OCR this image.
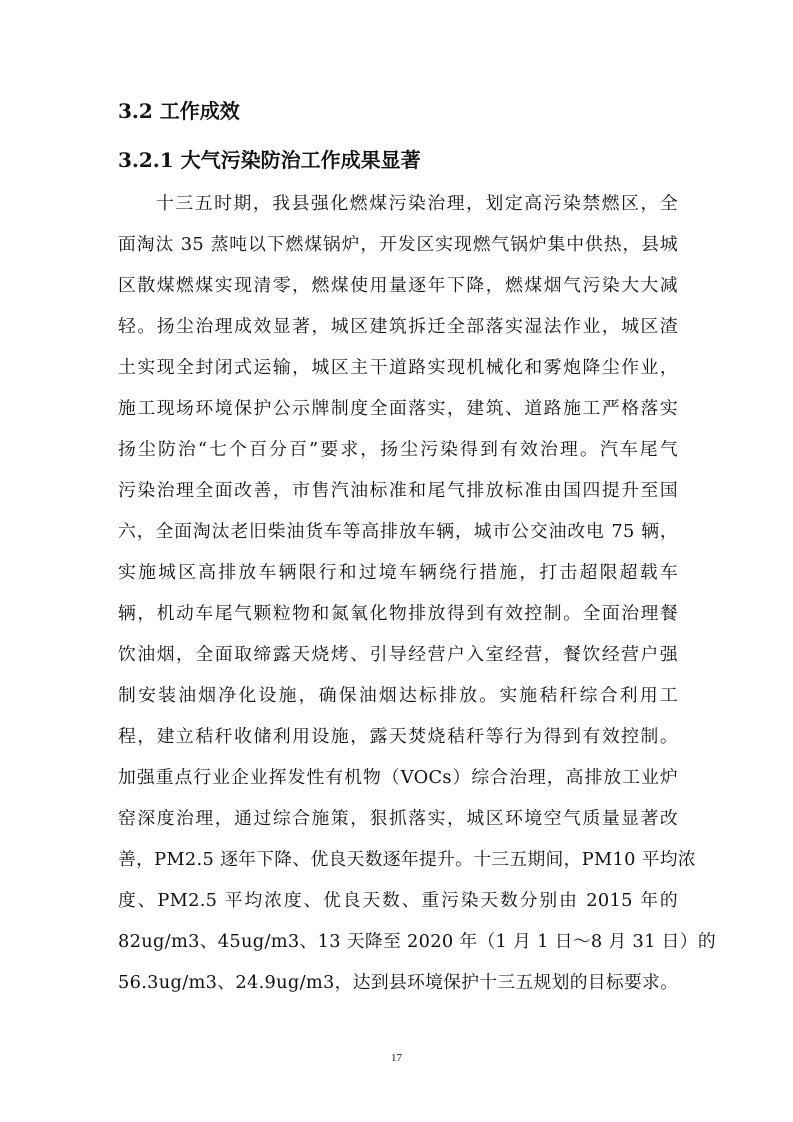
3.2 工作成效
3.2.1 大气污染防治工作成果显著
十三五时期，我县强化燃煤污染治理，划定高污染禁燃区，全
面淘汰 35 蒸吨以下燃煤锅炉，开发区实现燃气锅炉集中供热，县城
区散煤燃煤实现清零，燃煤使用量逐年下降，燃煤烟气污染大大减
轻。扬尘治理成效显著，城区建筑拆迁全部落实湿法作业，城区渣
土实现全封闭式运输，城区主干道路实现机械化和雾炮降尘作业，
施工现场环境保护公示牌制度全面落实，建筑、道路施工严格落实
扬尘防治“七个百分百”要求，扬尘污染得到有效治理。汽车尾气
污染治理全面改善，市售汽油标准和尾气排放标准由国四提升至国
六，全面淘汰老旧柴油货车等高排放车辆，城市公交油改电 75 辆，
实施城区高排放车辆限行和过境车辆绕行措施，打击超限超载车
辆，机动车尾气颗粒物和氮氧化物排放得到有效控制。全面治理餐
饮油烟，全面取缔露天烧烤、引导经营户入室经营，餐饮经营户强
制安装油烟净化设施，确保油烟达标排放。实施秸秆综合利用工
程，建立秸秆收储利用设施，露天焚烧秸秆等行为得到有效控制。
加强重点行业企业挥发性有机物（VOCs）综合治理，高排放工业炉
窑深度治理，通过综合施策，狠抓落实，城区环境空气质量显著改
善，PM2.5 逐年下降、优良天数逐年提升。十三五期间，PM10 平均浓
度、PM2.5 平均浓度、优良天数、重污染天数分别由 2015 年的
82ug/m3、45ug/m3、13 天降至 2020 年（1 月 1 日～8 月 31 日）的
56.3ug/m3、24.9ug/m3，达到县环境保护十三五规划的目标要求。
17
